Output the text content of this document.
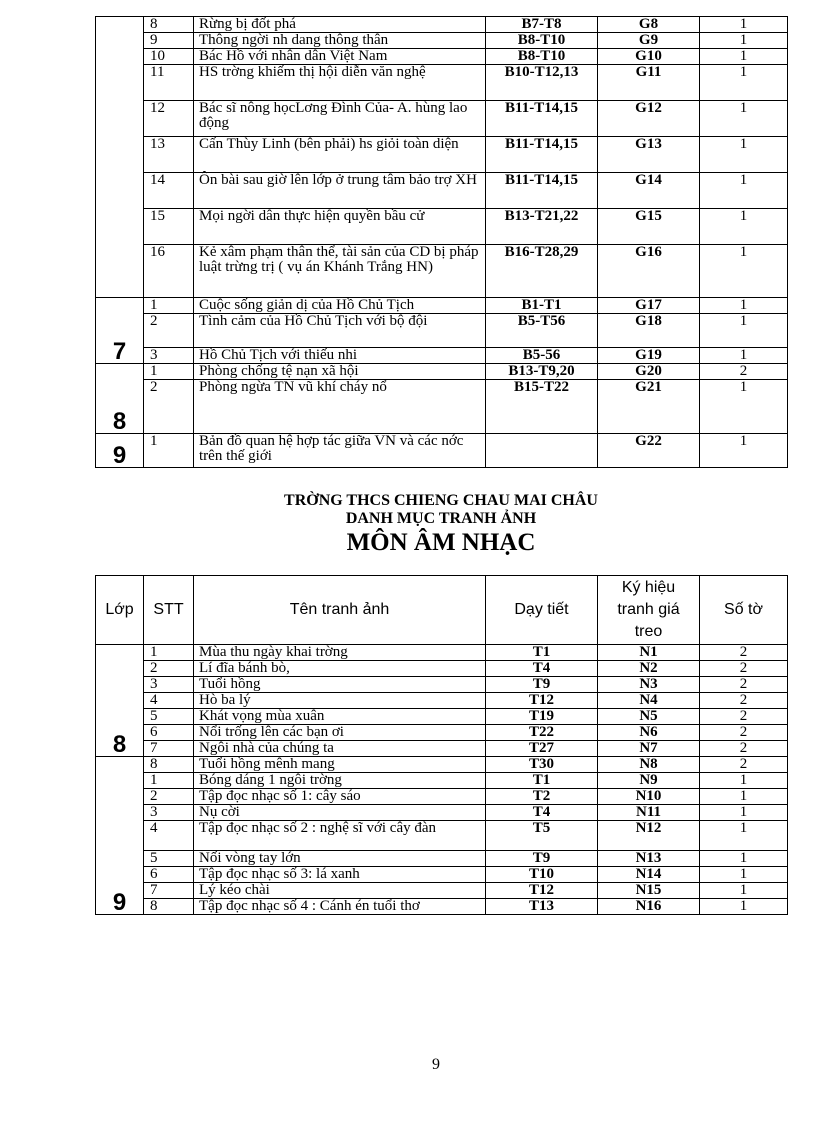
	8	Rừng bị đốt phá	B7-T8	G8	1
	9	Thông ngời nh dang thông thân	B8-T10	G9	1
	10	Bác Hồ với nhân dân Việt Nam	B8-T10	G10	1
	11	HS trờng khiếm thị hội diễn văn nghệ	B10-T12,13	G11	1
	12	Bác sĩ nông họcLơng Đình Của- A. hùng lao động	B11-T14,15	G12	1
	13	Cấn Thùy Linh (bên phải) hs giỏi toàn diện	B11-T14,15	G13	1
	14	Ôn bài sau giờ lên lớp ở trung tâm bảo trợ XH	B11-T14,15	G14	1
	15	Mọi ngời dân thực hiện quyền bầu cử	B13-T21,22	G15	1
	16	Kẻ xâm phạm thân thể, tài sản của CD bị pháp luật trừng trị ( vụ án Khánh Trắng HN)	B16-T28,29	G16	1
7	1	Cuộc sống giản dị của Hồ Chủ Tịch	B1-T1	G17	1
	2	Tình cảm của Hồ Chủ Tịch với bộ đội	B5-T56	G18	1
	3	Hồ Chủ Tịch với thiếu nhi	B5-56	G19	1
8	1	Phòng chống tệ nạn xã hội	B13-T9,20	G20	2
	2	Phòng ngừa TN vũ khí cháy nổ	B15-T22	G21	1
9	1	Bản đồ quan hệ hợp tác giữa VN và các nớc trên thế giới		G22	1
TRỜNG THCS CHIENG CHAU MAI CHÂU
DANH MỤC TRANH ẢNH
MÔN ÂM NHẠC
Lớp	STT	Tên tranh ảnh	Dạy tiết	Ký hiệu tranh giá treo	Số tờ
8	1	Mùa thu ngày khai trờng	T1	N1	2
	2	Lí đĩa bánh bò,	T4	N2	2
	3	Tuổi hồng	T9	N3	2
	4	Hò ba lý	T12	N4	2
	5	Khát vọng mùa xuân	T19	N5	2
	6	Nổi trống lên các bạn ơi	T22	N6	2
	7	Ngôi nhà của chúng ta	T27	N7	2
9	8	Tuổi hồng mênh mang	T30	N8	2
	1	Bóng dáng 1 ngôi trờng	T1	N9	1
	2	Tập đọc nhạc số 1: cây sáo	T2	N10	1
	3	Nụ cời	T4	N11	1
	4	Tập đọc nhạc số 2 : nghệ sĩ với cây đàn	T5	N12	1
	5	Nối vòng tay lớn	T9	N13	1
	6	Tập đọc nhạc số 3: lá xanh	T10	N14	1
	7	Lý kéo chài	T12	N15	1
	8	Tập đọc nhạc số 4 : Cánh én tuổi thơ	T13	N16	1
9
